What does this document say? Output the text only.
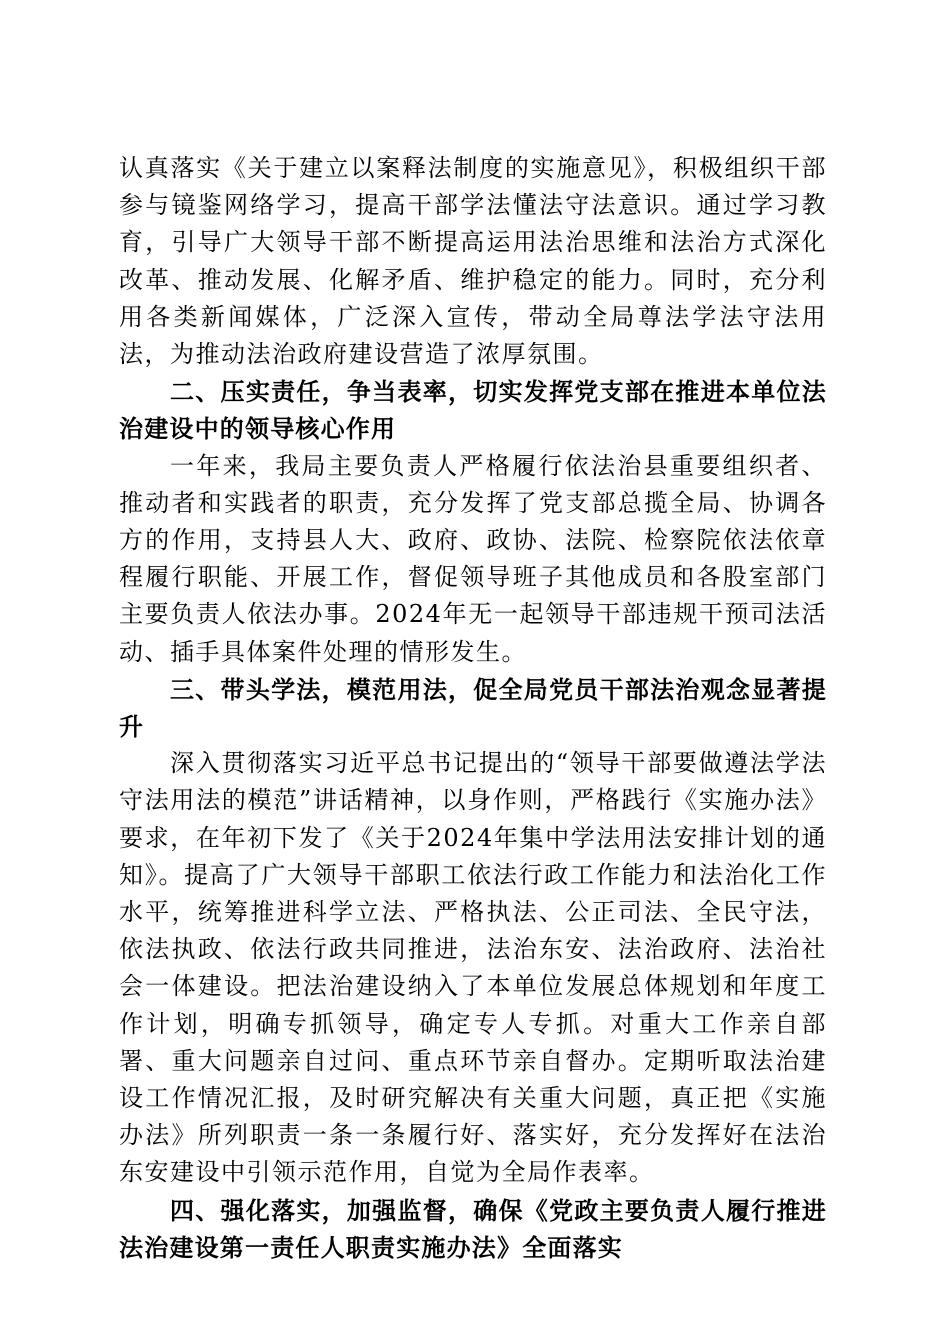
认真落实《关于建立以案释法制度的实施意见》，积极组织干部参与镜鉴网络学习，提高干部学法懂法守法意识。通过学习教育，引导广大领导干部不断提高运用法治思维和法治方式深化改革、推动发展、化解矛盾、维护稳定的能力。同时，充分利用各类新闻媒体，广泛深入宣传，带动全局尊法学法守法用法，为推动法治政府建设营造了浓厚氛围。

二、压实责任，争当表率，切实发挥党支部在推进本单位法治建设中的领导核心作用

一年来，我局主要负责人严格履行依法治县重要组织者、推动者和实践者的职责，充分发挥了党支部总揽全局、协调各方的作用，支持县人大、政府、政协、法院、检察院依法依章程履行职能、开展工作，督促领导班子其他成员和各股室部门主要负责人依法办事。2024年无一起领导干部违规干预司法活动、插手具体案件处理的情形发生。

三、带头学法，模范用法，促全局党员干部法治观念显著提升

深入贯彻落实习近平总书记提出的“领导干部要做遵法学法守法用法的模范”讲话精神，以身作则，严格践行《实施办法》要求，在年初下发了《关于2024年集中学法用法安排计划的通知》。提高了广大领导干部职工依法行政工作能力和法治化工作水平，统筹推进科学立法、严格执法、公正司法、全民守法，依法执政、依法行政共同推进，法治东安、法治政府、法治社会一体建设。把法治建设纳入了本单位发展总体规划和年度工作计划，明确专抓领导，确定专人专抓。对重大工作亲自部署、重大问题亲自过问、重点环节亲自督办。定期听取法治建设工作情况汇报，及时研究解决有关重大问题，真正把《实施办法》所列职责一条一条履行好、落实好，充分发挥好在法治东安建设中引领示范作用，自觉为全局作表率。

四、强化落实，加强监督，确保《党政主要负责人履行推进法治建设第一责任人职责实施办法》全面落实
